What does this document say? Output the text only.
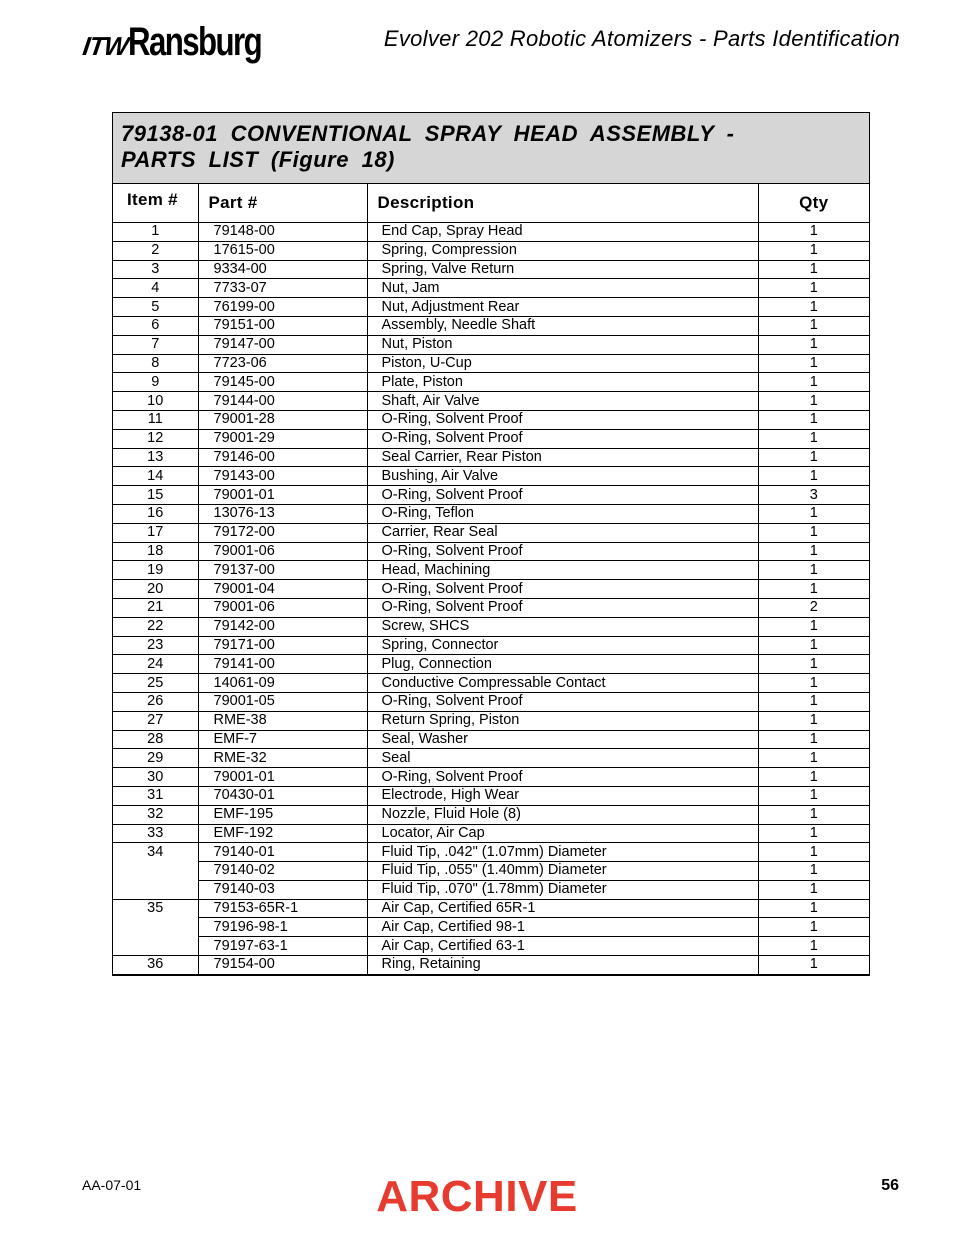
ITW
Ransburg	Evolver 202 Robotic Atomizers - Parts Identification
79138-01 CONVENTIONAL SPRAY HEAD ASSEMBLY -
PARTS LIST (Figure 18)
Item #	Part #	Description	Qty
1	79148-00	End Cap, Spray Head	1
2	17615-00	Spring, Compression	1
3	9334-00	Spring, Valve Return	1
4	7733-07	Nut, Jam	1
5	76199-00	Nut, Adjustment Rear	1
6	79151-00	Assembly, Needle Shaft	1
7	79147-00	Nut, Piston	1
8	7723-06	Piston, U-Cup	1
9	79145-00	Plate, Piston	1
10	79144-00	Shaft, Air Valve	1
11	79001-28	O-Ring, Solvent Proof	1
12	79001-29	O-Ring, Solvent Proof	1
13	79146-00	Seal Carrier, Rear Piston	1
14	79143-00	Bushing, Air Valve	1
15	79001-01	O-Ring, Solvent Proof	3
16	13076-13	O-Ring, Teflon	1
17	79172-00	Carrier, Rear Seal	1
18	79001-06	O-Ring, Solvent Proof	1
19	79137-00	Head, Machining	1
20	79001-04	O-Ring, Solvent Proof	1
21	79001-06	O-Ring, Solvent Proof	2
22	79142-00	Screw, SHCS	1
23	79171-00	Spring, Connector	1
24	79141-00	Plug, Connection	1
25	14061-09	Conductive Compressable Contact	1
26	79001-05	O-Ring, Solvent Proof	1
27	RME-38	Return Spring, Piston	1
28	EMF-7	Seal, Washer	1
29	RME-32	Seal	1
30	79001-01	O-Ring, Solvent Proof	1
31	70430-01	Electrode, High Wear	1
32	EMF-195	Nozzle, Fluid Hole (8)	1
33	EMF-192	Locator, Air Cap	1
34	79140-01	Fluid Tip, .042" (1.07mm) Diameter	1
	79140-02	Fluid Tip, .055" (1.40mm) Diameter	1
	79140-03	Fluid Tip, .070" (1.78mm) Diameter	1
35	79153-65R-1	Air Cap, Certified 65R-1	1
	79196-98-1	Air Cap, Certified 98-1	1
	79197-63-1	Air Cap, Certified 63-1	1
36	79154-00	Ring, Retaining	1
AA-07-01	ARCHIVE	56
